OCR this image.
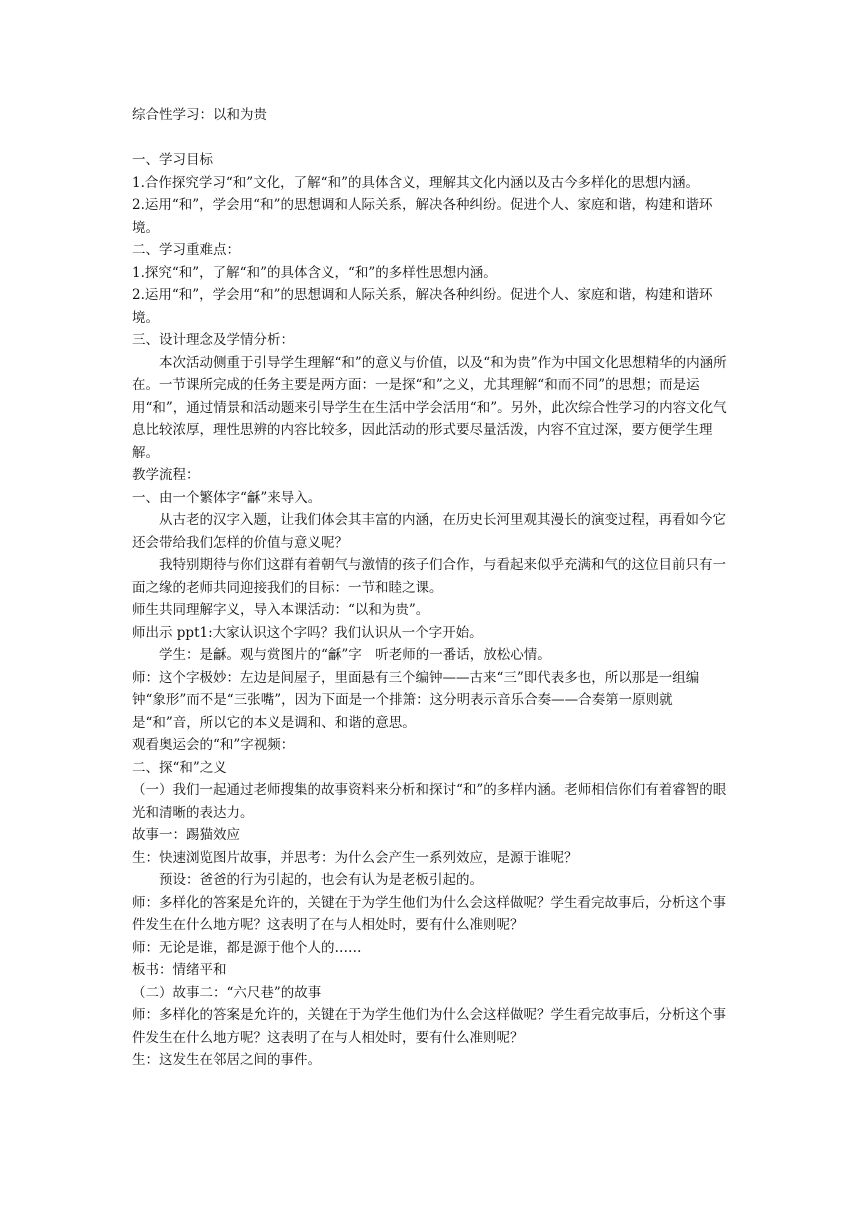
综合性学习：以和为贵
一、学习目标
1.合作探究学习“和”文化，了解“和”的具体含义，理解其文化内涵以及古今多样化的思想内涵。
2.运用“和”，学会用“和”的思想调和人际关系，解决各种纠纷。促进个人、家庭和谐，构建和谐环境。
二、学习重难点：
1.探究“和”，了解“和”的具体含义，“和”的多样性思想内涵。
2.运用“和”，学会用“和”的思想调和人际关系，解决各种纠纷。促进个人、家庭和谐，构建和谐环境。
三、设计理念及学情分析：
本次活动侧重于引导学生理解“和”的意义与价值，以及“和为贵”作为中国文化思想精华的内涵所在。一节课所完成的任务主要是两方面：一是探“和”之义，尤其理解“和而不同”的思想；而是运用“和”，通过情景和活动题来引导学生在生活中学会活用“和”。另外，此次综合性学习的内容文化气息比较浓厚，理性思辨的内容比较多，因此活动的形式要尽量活泼，内容不宜过深，要方便学生理解。
教学流程：
一、由一个繁体字“龢”来导入。
从古老的汉字入题，让我们体会其丰富的内涵，在历史长河里观其漫长的演变过程，再看如今它还会带给我们怎样的价值与意义呢？
我特别期待与你们这群有着朝气与激情的孩子们合作，与看起来似乎充满和气的这位目前只有一面之缘的老师共同迎接我们的目标：一节和睦之课。
师生共同理解字义，导入本课活动：“以和为贵”。
师出示 ppt1:大家认识这个字吗？我们认识从一个字开始。
学生：是龢。观与赏图片的“龢”字　听老师的一番话，放松心情。
师：这个字极妙：左边是间屋子，里面悬有三个编钟——古来“三”即代表多也，所以那是一组编钟“象形”而不是“三张嘴”，因为下面是一个排箫：这分明表示音乐合奏——合奏第一原则就是“和”音，所以它的本义是调和、和谐的意思。
观看奥运会的“和”字视频：
二、探“和”之义
（一）我们一起通过老师搜集的故事资料来分析和探讨“和”的多样内涵。老师相信你们有着睿智的眼光和清晰的表达力。
故事一：踢猫效应
生：快速浏览图片故事，并思考：为什么会产生一系列效应，是源于谁呢？
预设：爸爸的行为引起的，也会有认为是老板引起的。
师：多样化的答案是允许的，关键在于为学生他们为什么会这样做呢？学生看完故事后，分析这个事件发生在什么地方呢？这表明了在与人相处时，要有什么准则呢？
师：无论是谁，都是源于他个人的……
板书：情绪平和
（二）故事二：“六尺巷”的故事
师：多样化的答案是允许的，关键在于为学生他们为什么会这样做呢？学生看完故事后，分析这个事件发生在什么地方呢？这表明了在与人相处时，要有什么准则呢？
生：这发生在邻居之间的事件。
